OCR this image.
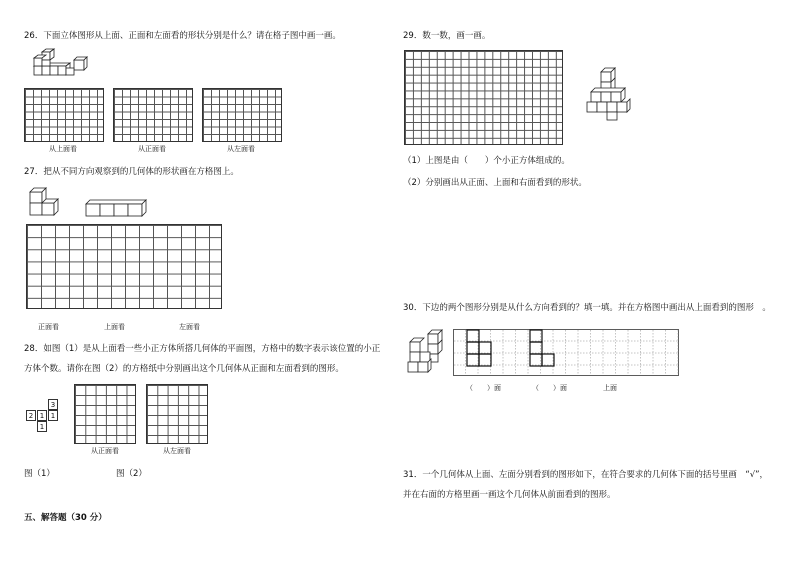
26．下面立体图形从上面、正面和左面看的形状分别是什么？请在格子图中画一画。
从上面看	从正面看	从左面看
27．把从不同方向观察到的几何体的形状画在方格图上。
正面看	上面看	左面看
28．如图（1）是从上面看一些小正方体所搭几何体的平面图，方格中的数字表示该位置的小正
方体个数。请你在图（2）的方格纸中分别画出这个几何体从正面和左面看到的图形。
3
2 1 1
1
从正面看	从左面看
图（1）	图（2）
五、解答题（30 分）
29．数一数，画一画。
（1）上图是由（　　）个小正方体组成的。
（2）分别画出从正面、上面和右面看到的形状。
30．下边的两个图形分别是从什么方向看到的？填一填。并在方格图中画出从上面看到的图形　。
（　　）面	（　　）面	上面
31．一个几何体从上面、左面分别看到的图形如下，在符合要求的几何体下面的括号里画　“√”，
并在右面的方格里画一画这个几何体从前面看到的图形。
